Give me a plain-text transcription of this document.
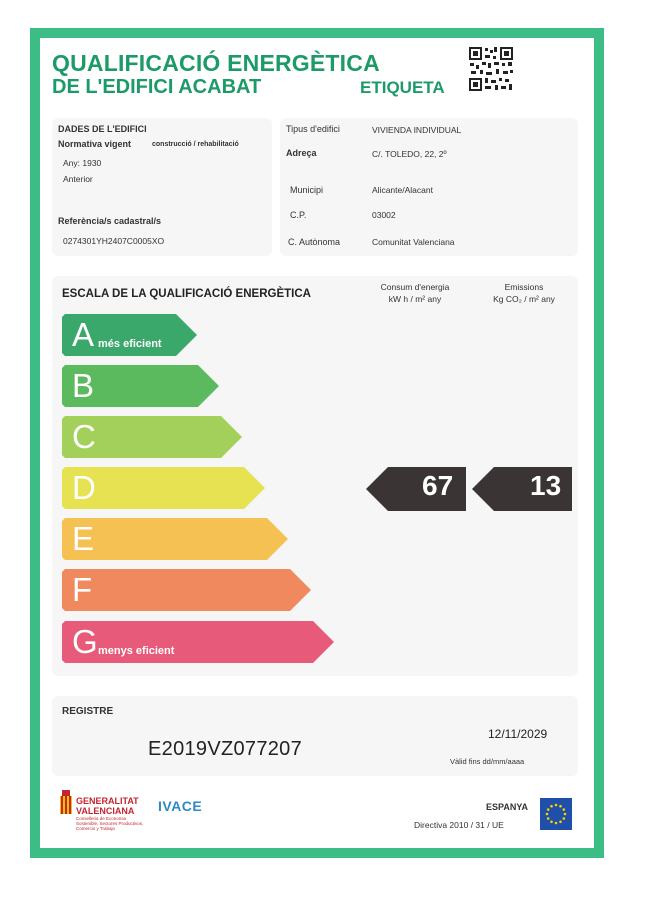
QUALIFICACIÓ ENERGÈTICA
DE L'EDIFICI ACABAT	ETIQUETA
DADES DE L'EDIFICI
Normativa vigent	construcció / rehabilitació
Any: 1930
Anterior
Referència/s cadastral/s
0274301YH2407C0005XO
Tipus d'edifici	VIVIENDA INDIVIDUAL
Adreça	C/. TOLEDO, 22, 2º
Municipi	Alicante/Alacant
C.P.	03002
C. Autònoma	Comunitat Valenciana
ESCALA DE LA QUALIFICACIÓ ENERGÈTICA
Consum d'energia
kW h / m² any
Emissions
Kg CO₂ / m² any
A més eficient
B
C
D
E
F
G menys eficient
67	13
REGISTRE
E2019VZ077207
12/11/2029
Vàlid fins dd/mm/aaaa
GENERALITAT
VALENCIANA
Conselleria de Economia
Sostenible, Sectores Productivos,
Comercio y Trabajo
IVACE	ESPANYA
Directiva 2010 / 31 / UE
